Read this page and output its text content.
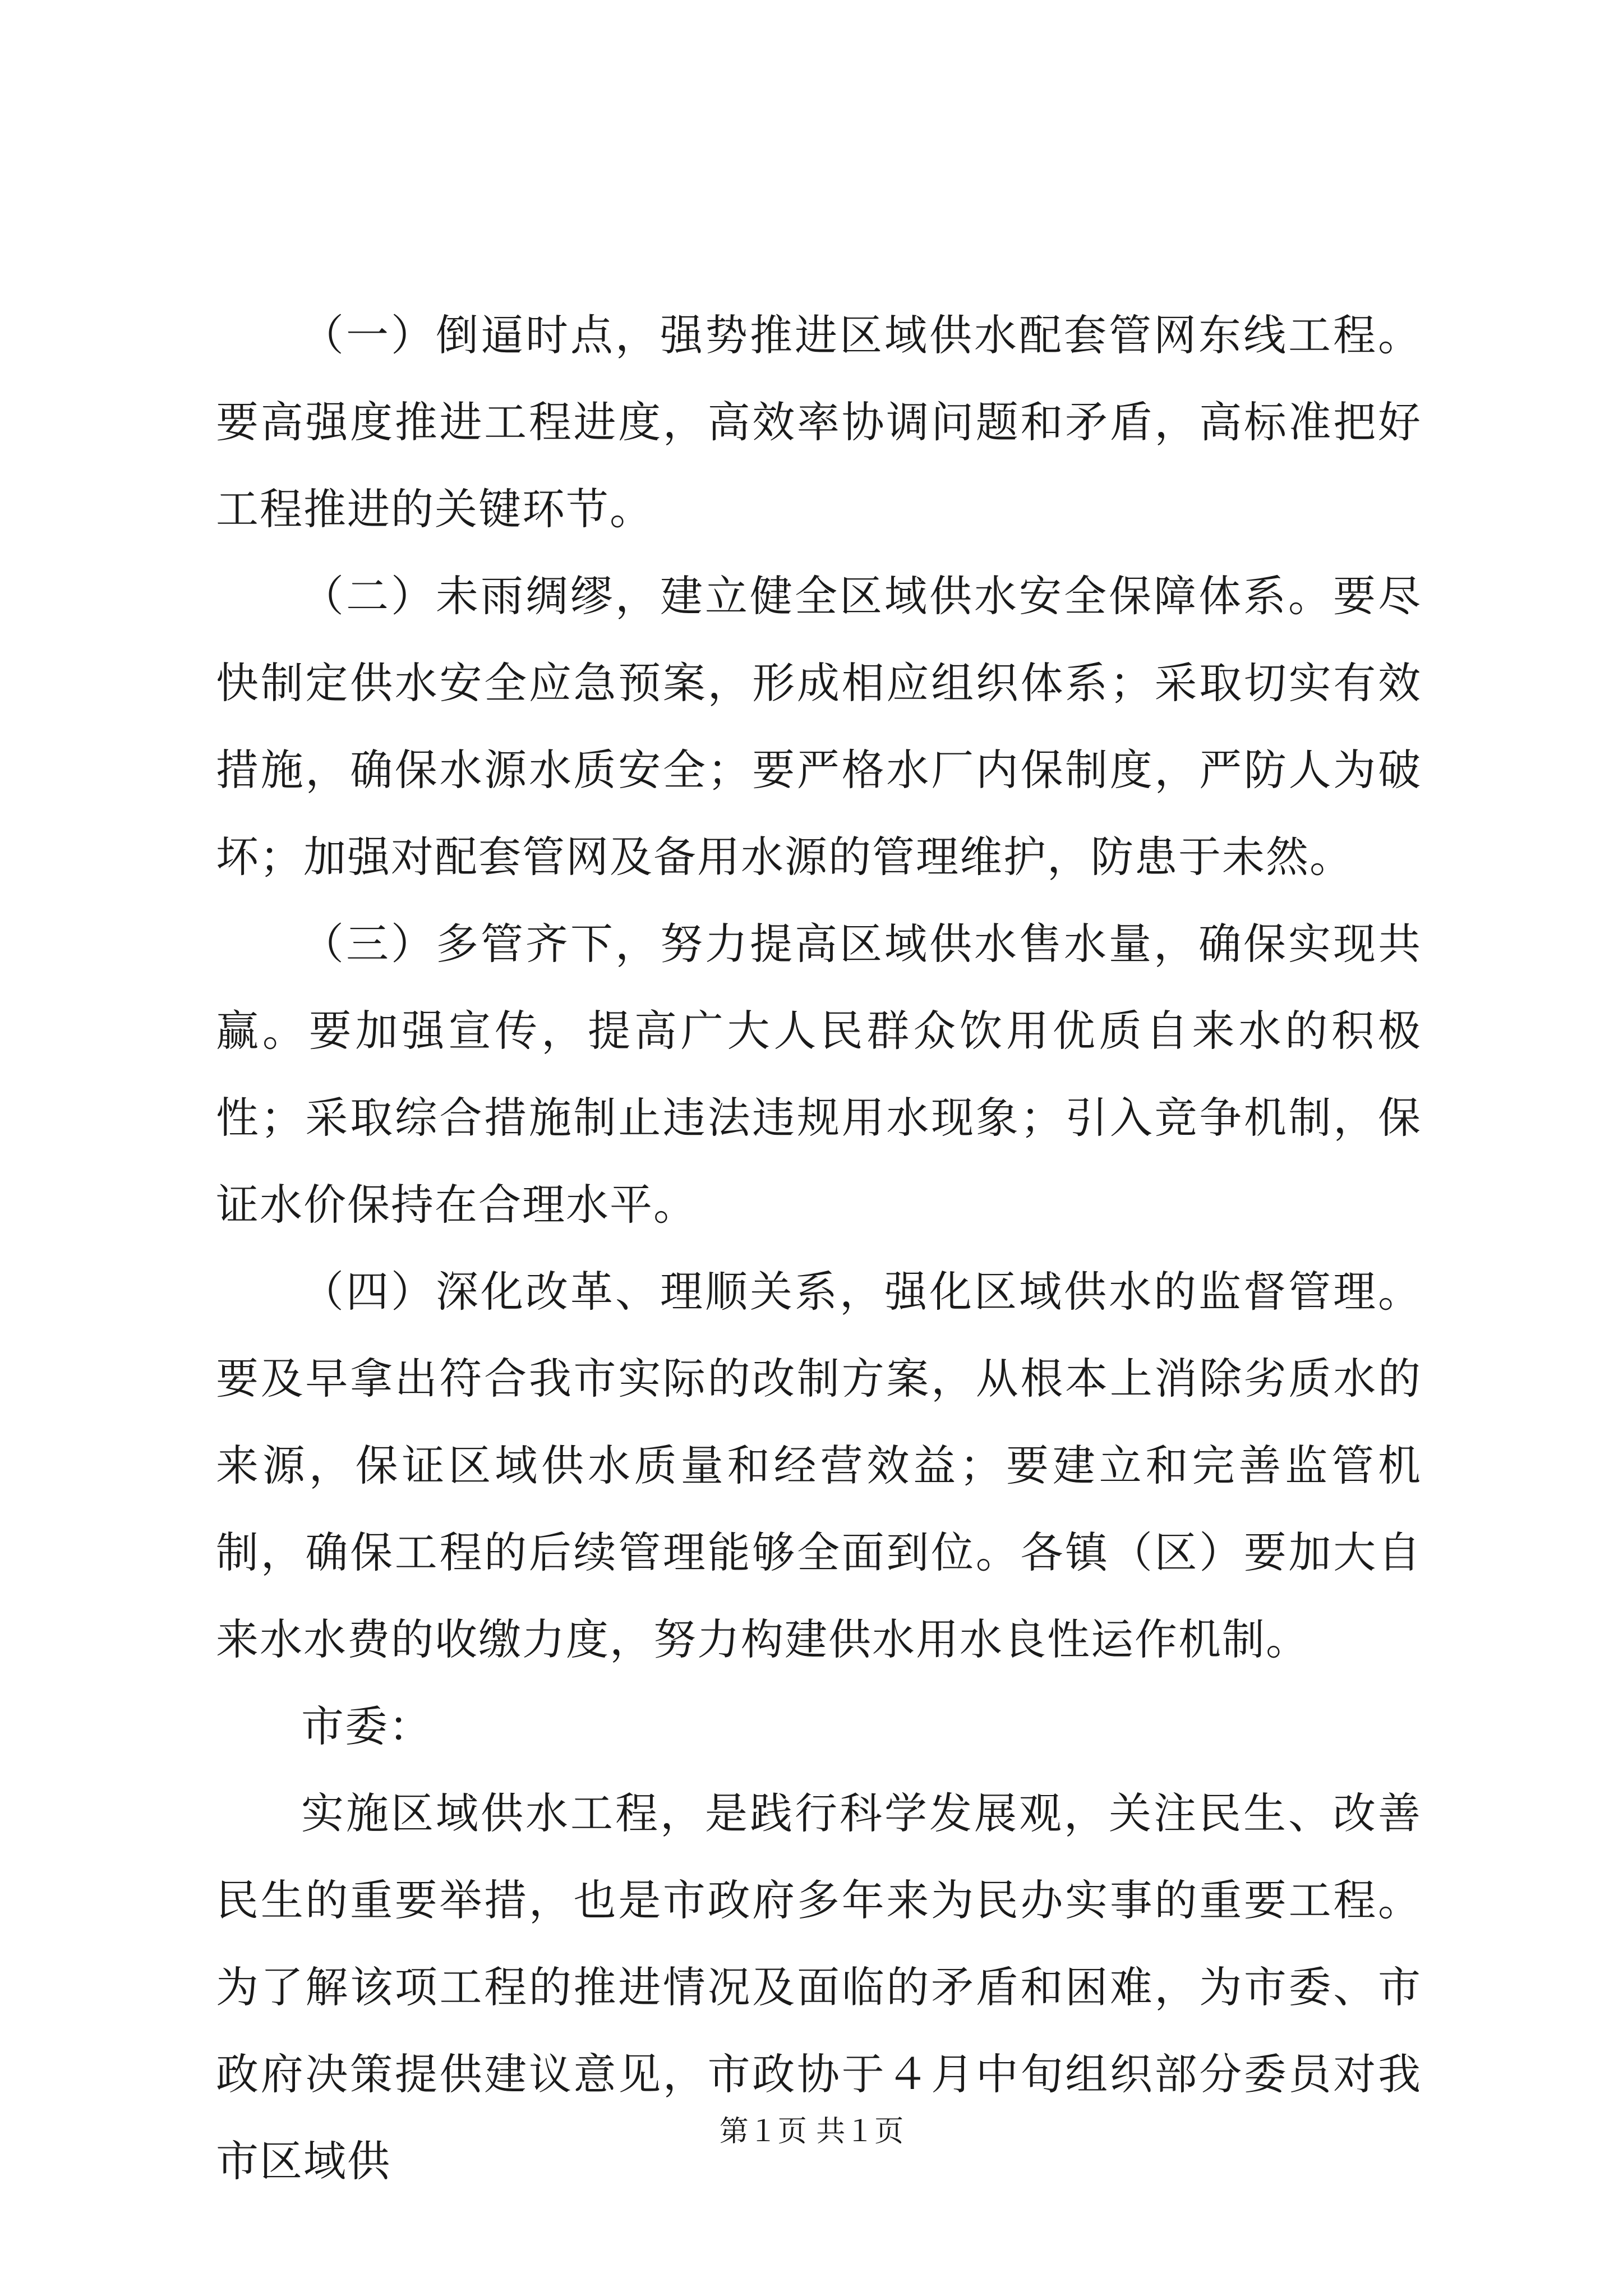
（一）倒逼时点，强势推进区域供水配套管网东线工程。要高强度推进工程进度，高效率协调问题和矛盾，高标准把好工程推进的关键环节。

（二）未雨绸缪，建立健全区域供水安全保障体系。要尽快制定供水安全应急预案，形成相应组织体系；采取切实有效措施，确保水源水质安全；要严格水厂内保制度，严防人为破坏；加强对配套管网及备用水源的管理维护，防患于未然。

（三）多管齐下，努力提高区域供水售水量，确保实现共赢。要加强宣传，提高广大人民群众饮用优质自来水的积极性；采取综合措施制止违法违规用水现象；引入竞争机制，保证水价保持在合理水平。

（四）深化改革、理顺关系，强化区域供水的监督管理。要及早拿出符合我市实际的改制方案，从根本上消除劣质水的来源，保证区域供水质量和经营效益；要建立和完善监管机制，确保工程的后续管理能够全面到位。各镇（区）要加大自来水水费的收缴力度，努力构建供水用水良性运作机制。

市委：

实施区域供水工程，是践行科学发展观，关注民生、改善民生的重要举措，也是市政府多年来为民办实事的重要工程。为了解该项工程的推进情况及面临的矛盾和困难，为市委、市政府决策提供建议意见，市政协于４月中旬组织部分委员对我市区域供

第１页 共１页
